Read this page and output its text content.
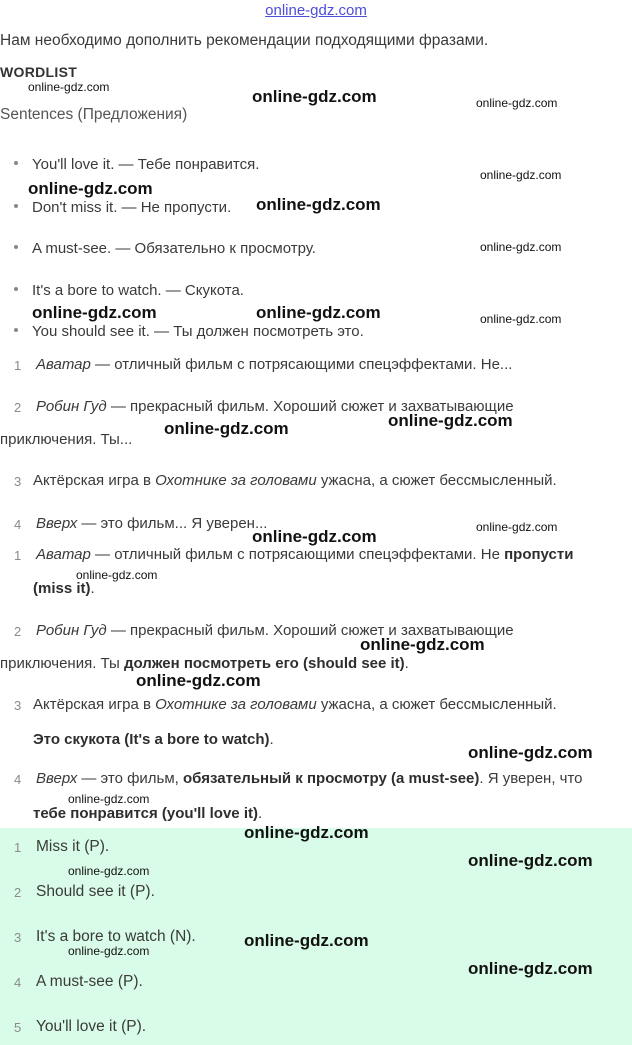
online-gdz.com
Нам необходимо дополнить рекомендации подходящими фразами.
WORDLIST
Sentences (Предложения)
You'll love it. — Тебе понравится.
Don't miss it. — Не пропусти.
A must-see. — Обязательно к просмотру.
It's a bore to watch. — Скукота.
You should see it. — Ты должен посмотреть это.
1 Аватар — отличный фильм с потрясающими спецэффектами. Не...
2 Робин Гуд — прекрасный фильм. Хороший сюжет и захватывающие
приключения. Ты...
3 Актёрская игра в Охотнике за головами ужасна, а сюжет бессмысленный.
4 Вверх — это фильм... Я уверен...
1 Аватар — отличный фильм с потрясающими спецэффектами. Не пропусти
(miss it).
2 Робин Гуд — прекрасный фильм. Хороший сюжет и захватывающие
приключения. Ты должен посмотреть его (should see it).
3 Актёрская игра в Охотнике за головами ужасна, а сюжет бессмысленный.
Это скукота (It's a bore to watch).
4 Вверх — это фильм, обязательный к просмотру (a must-see). Я уверен, что
тебе понравится (you'll love it).
1 Miss it (P).
2 Should see it (P).
3 It's a bore to watch (N).
4 A must-see (P).
5 You'll love it (P).
online-gdz.com	online-gdz.com	online-gdz.com
online-gdz.com
online-gdz.com
online-gdz.com
online-gdz.com
online-gdz.com	online-gdz.com	online-gdz.com
online-gdz.com
online-gdz.com
online-gdz.com
online-gdz.com
online-gdz.com
online-gdz.com
online-gdz.com
online-gdz.com
online-gdz.com
online-gdz.com
online-gdz.com
online-gdz.com
online-gdz.com
online-gdz.com
online-gdz.com
